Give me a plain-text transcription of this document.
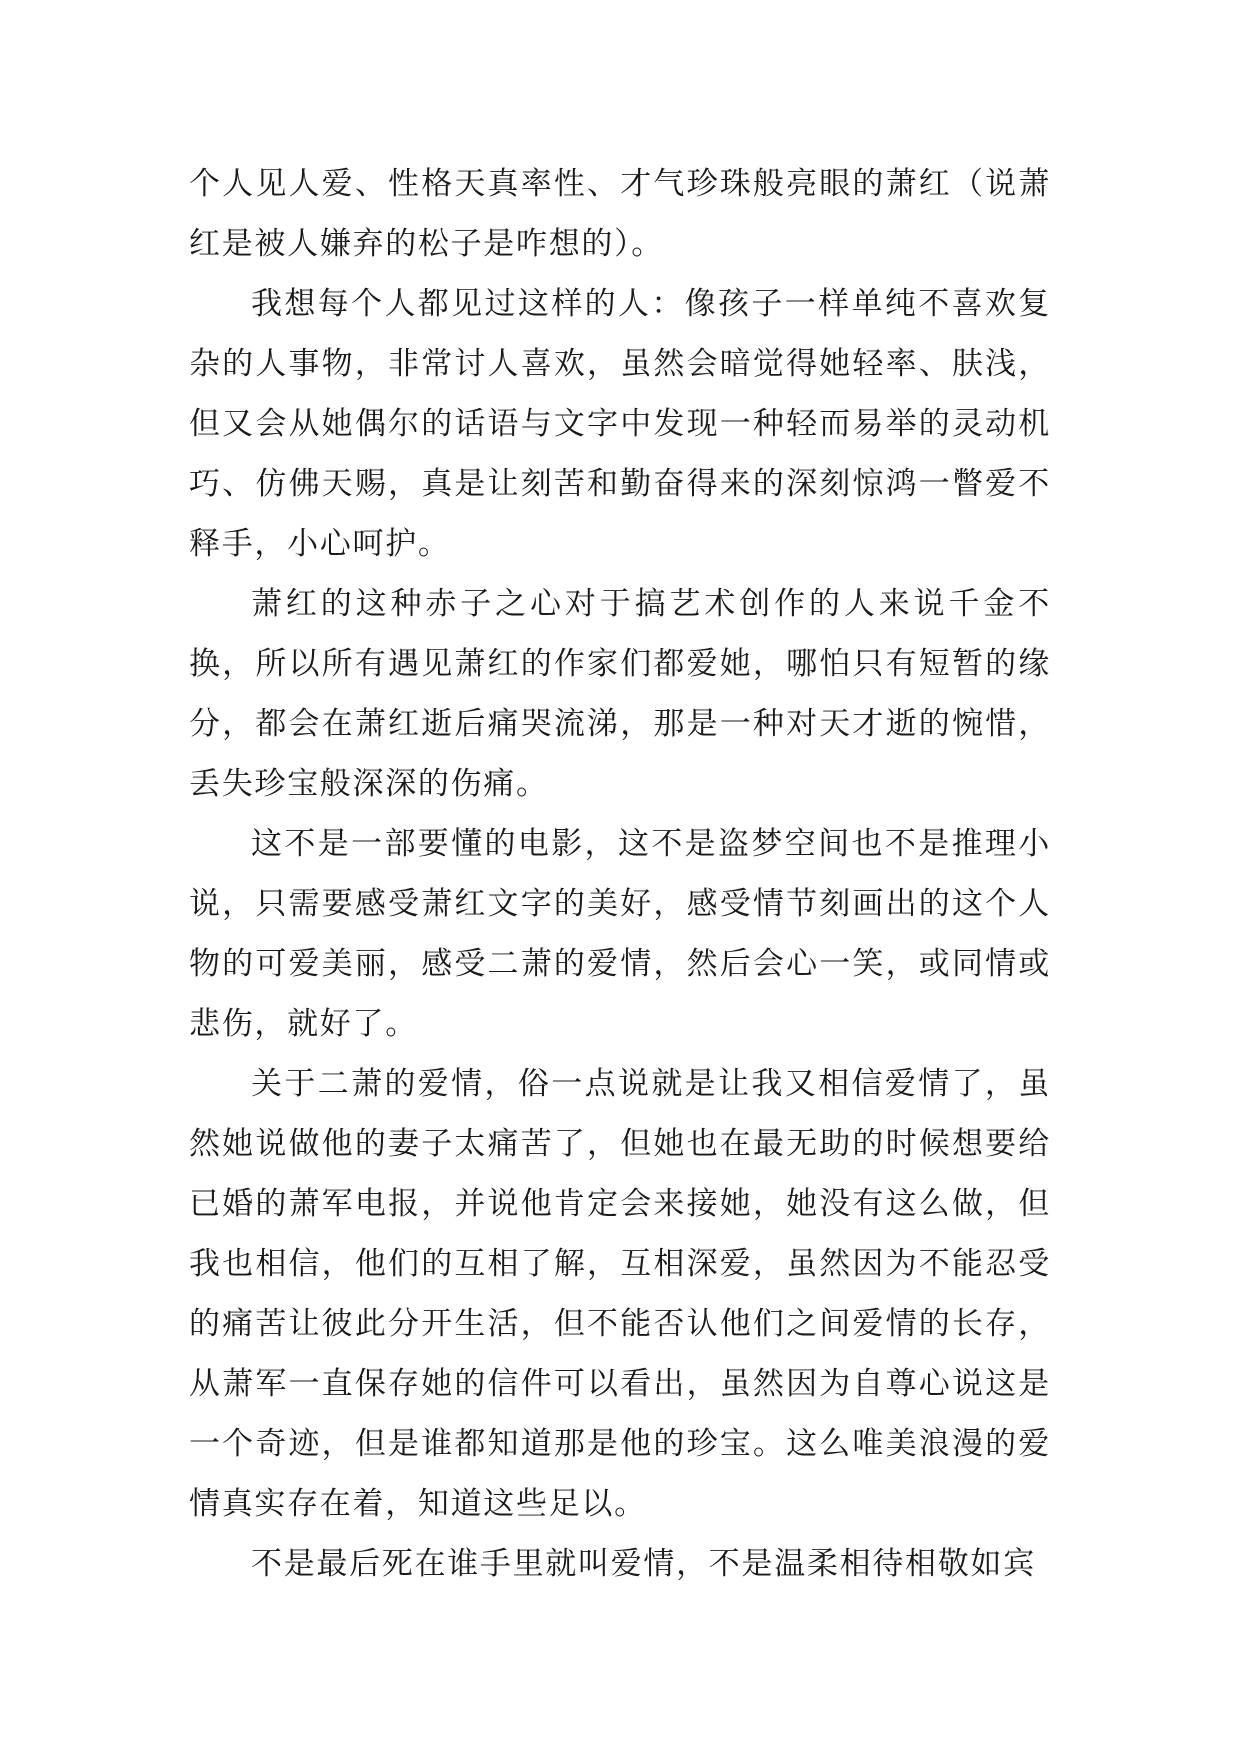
个人见人爱、性格天真率性、才气珍珠般亮眼的萧红（说萧红是被人嫌弃的松子是咋想的）。

我想每个人都见过这样的人：像孩子一样单纯不喜欢复杂的人事物，非常讨人喜欢，虽然会暗觉得她轻率、肤浅，但又会从她偶尔的话语与文字中发现一种轻而易举的灵动机巧、仿佛天赐，真是让刻苦和勤奋得来的深刻惊鸿一瞥爱不释手，小心呵护。

萧红的这种赤子之心对于搞艺术创作的人来说千金不换，所以所有遇见萧红的作家们都爱她，哪怕只有短暂的缘分，都会在萧红逝后痛哭流涕，那是一种对天才逝的惋惜，丢失珍宝般深深的伤痛。

这不是一部要懂的电影，这不是盗梦空间也不是推理小说，只需要感受萧红文字的美好，感受情节刻画出的这个人物的可爱美丽，感受二萧的爱情，然后会心一笑，或同情或悲伤，就好了。

关于二萧的爱情，俗一点说就是让我又相信爱情了，虽然她说做他的妻子太痛苦了，但她也在最无助的时候想要给已婚的萧军电报，并说他肯定会来接她，她没有这么做，但我也相信，他们的互相了解，互相深爱，虽然因为不能忍受的痛苦让彼此分开生活，但不能否认他们之间爱情的长存，从萧军一直保存她的信件可以看出，虽然因为自尊心说这是一个奇迹，但是谁都知道那是他的珍宝。这么唯美浪漫的爱情真实存在着，知道这些足以。

不是最后死在谁手里就叫爱情，不是温柔相待相敬如宾
